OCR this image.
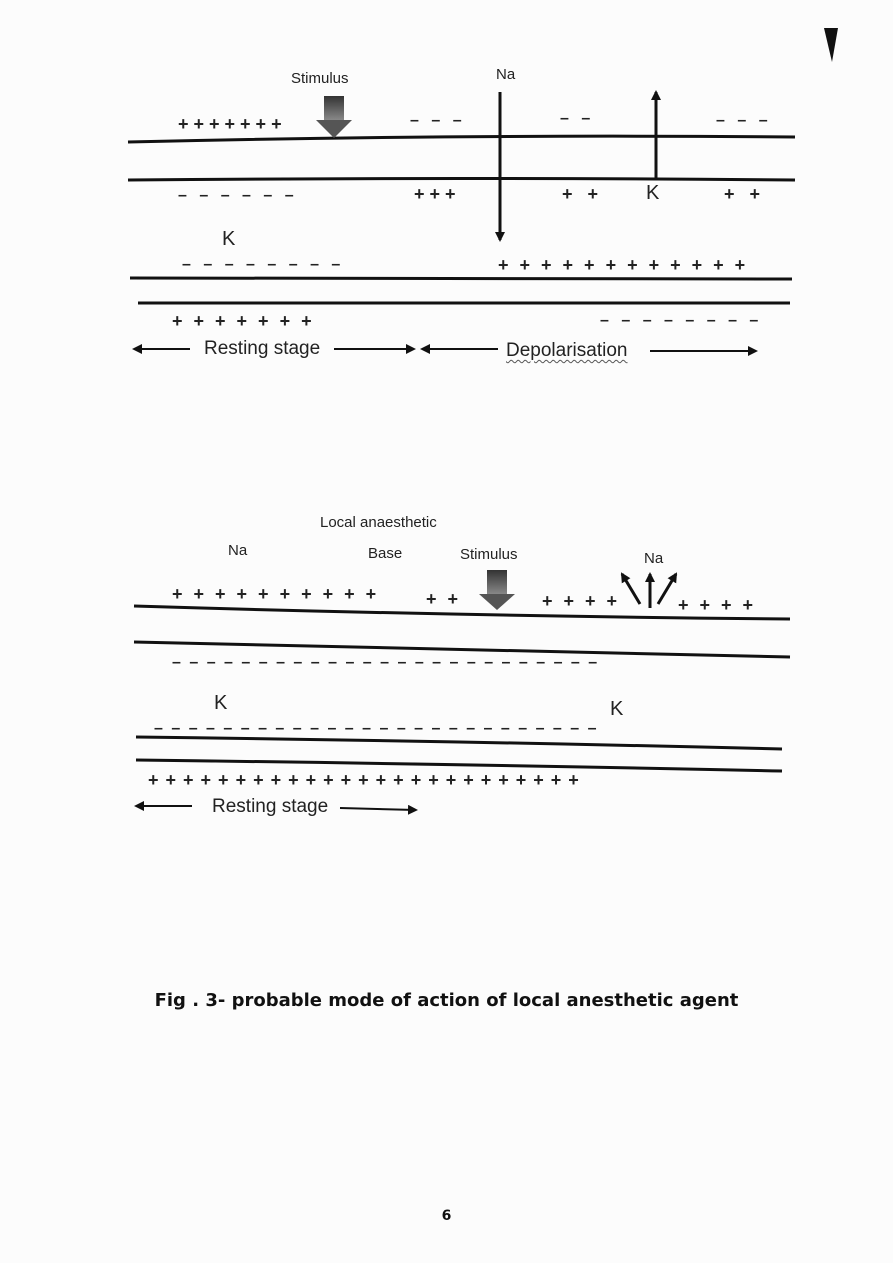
Stimulus	Na
+++++++	– – –	– –	– – –
– – – – – –	+++	+ + K	+ +
K
– – – – – – – –	+ + + + + + + + + + + +
+ + + + + + +	– – – – – – – –
Resting stage	Depolarisation
Local anaesthetic
Na	Base	Stimulus	Na
+ + + + + + + + + +	+ +	+ + + +	+ + + +
– – – – – – – – – – – – – – – – – – – – – – – – –
K	K
– – – – – – – – – – – – – – – – – – – – – – – – – –
+ + + + + + + + + + + + + + + + + + + + + + + + +
Resting stage
Fig . 3- probable mode of action of local anesthetic agent
6
